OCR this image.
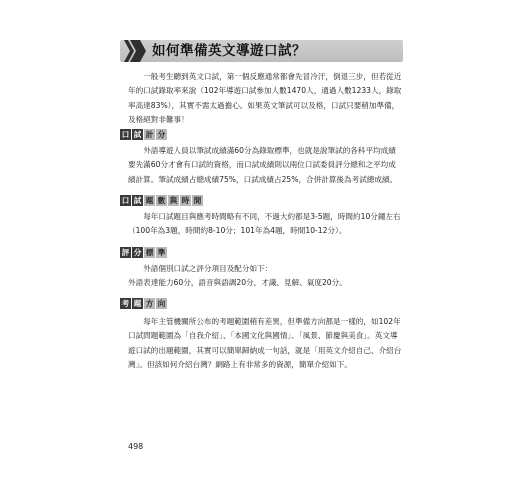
如何準備英文導遊口試？

一般考生聽到英文口試，第一個反應通常都會先冒冷汗，倒退三步，但若從近年的口試錄取率來說（102年導遊口試參加人數1470人，通過人數1233人，錄取率高達83%），其實不需太過擔心。如果英文筆試可以及格，口試只要稍加準備，及格絕對非難事！

口 試 計 分

外語導遊人員以筆試成績滿60分為錄取標準，也就是說筆試的各科平均成績要先滿60分才會有口試的資格，而口試成績則以兩位口試委員評分總和之平均成績計算。筆試成績占總成績75%，口試成績占25%，合併計算後為考試總成績。

口 試 題 數 與 時 間

每年口試題目與應考時間略有不同，不過大約都是3-5題，時間約10分鐘左右（100年為3題，時間約8-10分；101年為4題，時間10-12分）。

評 分 標 準

外語個別口試之評分項目及配分如下：
外語表達能力60分，語音與語調20分，才識、見解、氣度20分。

考 題 方 向

每年主管機關所公布的考題範圍稍有差異，但準備方向都是一樣的，如102年口試問題範圍為「自我介紹」、「本國文化與國情」、「風景、節慶與美食」。英文導遊口試的出題範圍，其實可以簡單歸納成一句話，就是「用英文介紹自己、介紹台灣」。但該如何介紹台灣？網路上有非常多的資源，簡單介紹如下。

498
